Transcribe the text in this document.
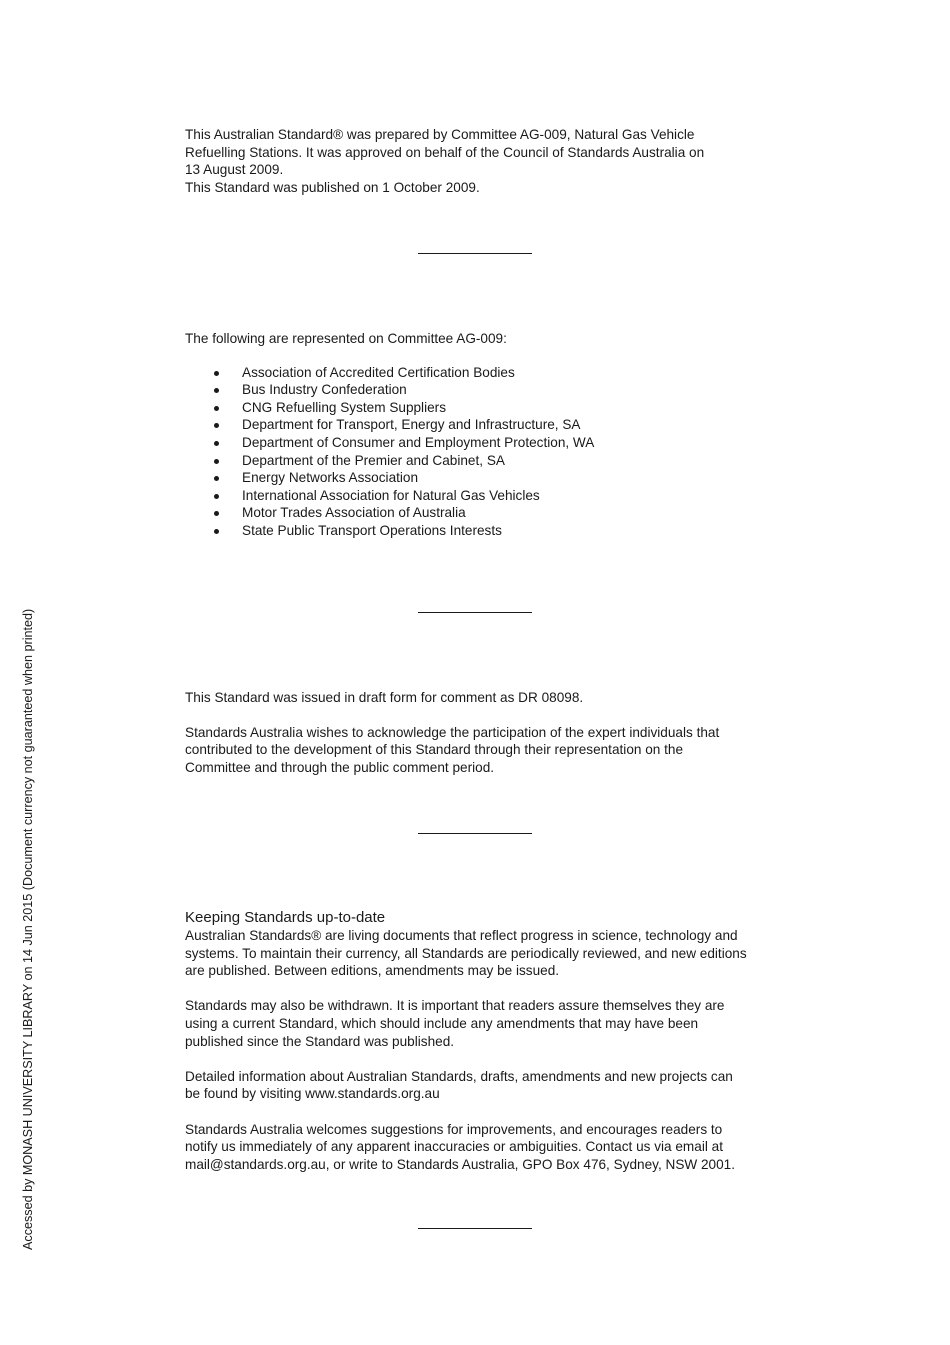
This Australian Standard® was prepared by Committee AG-009, Natural Gas Vehicle
Refuelling Stations. It was approved on behalf of the Council of Standards Australia on
13 August 2009.
This Standard was published on 1 October 2009.

The following are represented on Committee AG-009:

Association of Accredited Certification Bodies
Bus Industry Confederation
CNG Refuelling System Suppliers
Department for Transport, Energy and Infrastructure, SA
Department of Consumer and Employment Protection, WA
Department of the Premier and Cabinet, SA
Energy Networks Association
International Association for Natural Gas Vehicles
Motor Trades Association of Australia
State Public Transport Operations Interests

This Standard was issued in draft form for comment as DR 08098.

Standards Australia wishes to acknowledge the participation of the expert individuals that
contributed to the development of this Standard through their representation on the
Committee and through the public comment period.

Keeping Standards up-to-date

Australian Standards® are living documents that reflect progress in science, technology and
systems. To maintain their currency, all Standards are periodically reviewed, and new editions
are published. Between editions, amendments may be issued.

Standards may also be withdrawn. It is important that readers assure themselves they are
using a current Standard, which should include any amendments that may have been
published since the Standard was published.

Detailed information about Australian Standards, drafts, amendments and new projects can
be found by visiting www.standards.org.au

Standards Australia welcomes suggestions for improvements, and encourages readers to
notify us immediately of any apparent inaccuracies or ambiguities. Contact us via email at
mail@standards.org.au, or write to Standards Australia, GPO Box 476, Sydney, NSW 2001.

Accessed by MONASH UNIVERSITY LIBRARY on 14 Jun 2015 (Document currency not guaranteed when printed)
